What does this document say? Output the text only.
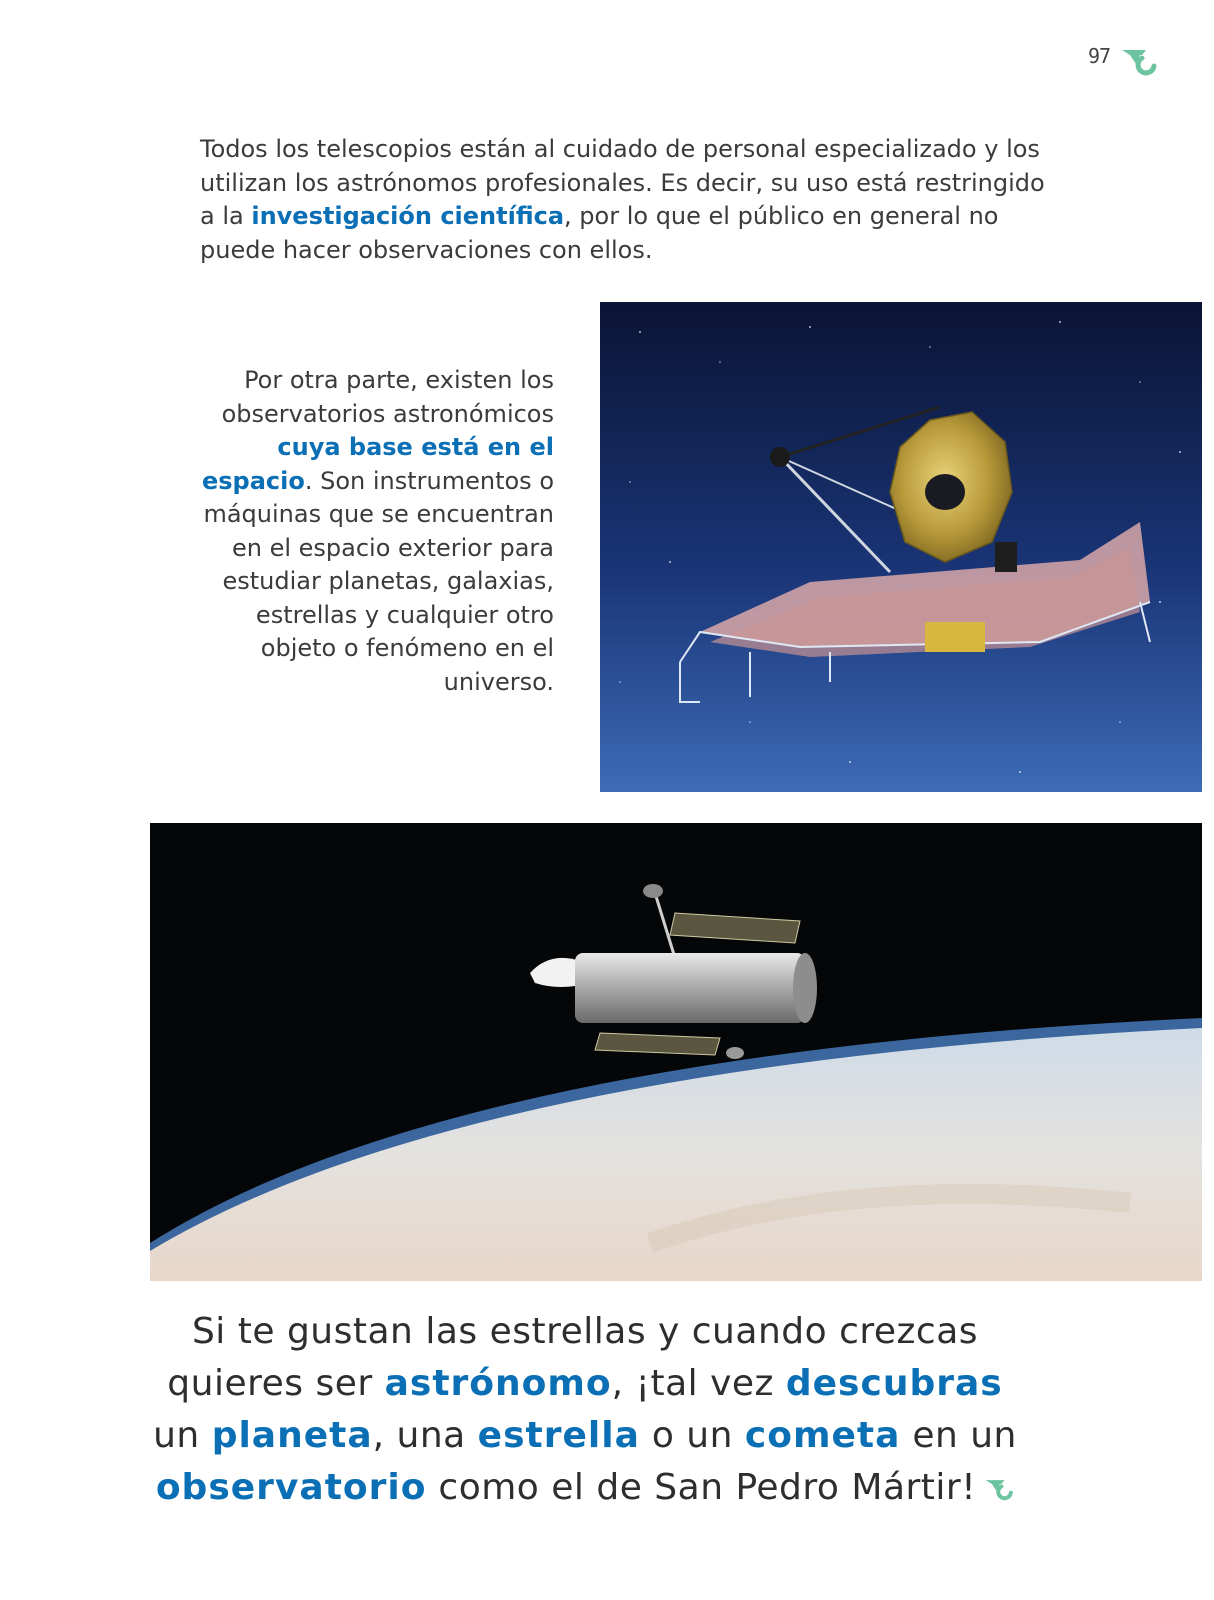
97

Todos los telescopios están al cuidado de personal especializado y los utilizan los astrónomos profesionales. Es decir, su uso está restringido a la investigación científica, por lo que el público en general no puede hacer observaciones con ellos.

Por otra parte, existen los observatorios astronómicos cuya base está en el espacio. Son instrumentos o máquinas que se encuentran en el espacio exterior para estudiar planetas, galaxias, estrellas y cualquier otro objeto o fenómeno en el universo.

Si te gustan las estrellas y cuando crezcas quieres ser astrónomo, ¡tal vez descubras un planeta, una estrella o un cometa en un observatorio como el de San Pedro Mártir!
